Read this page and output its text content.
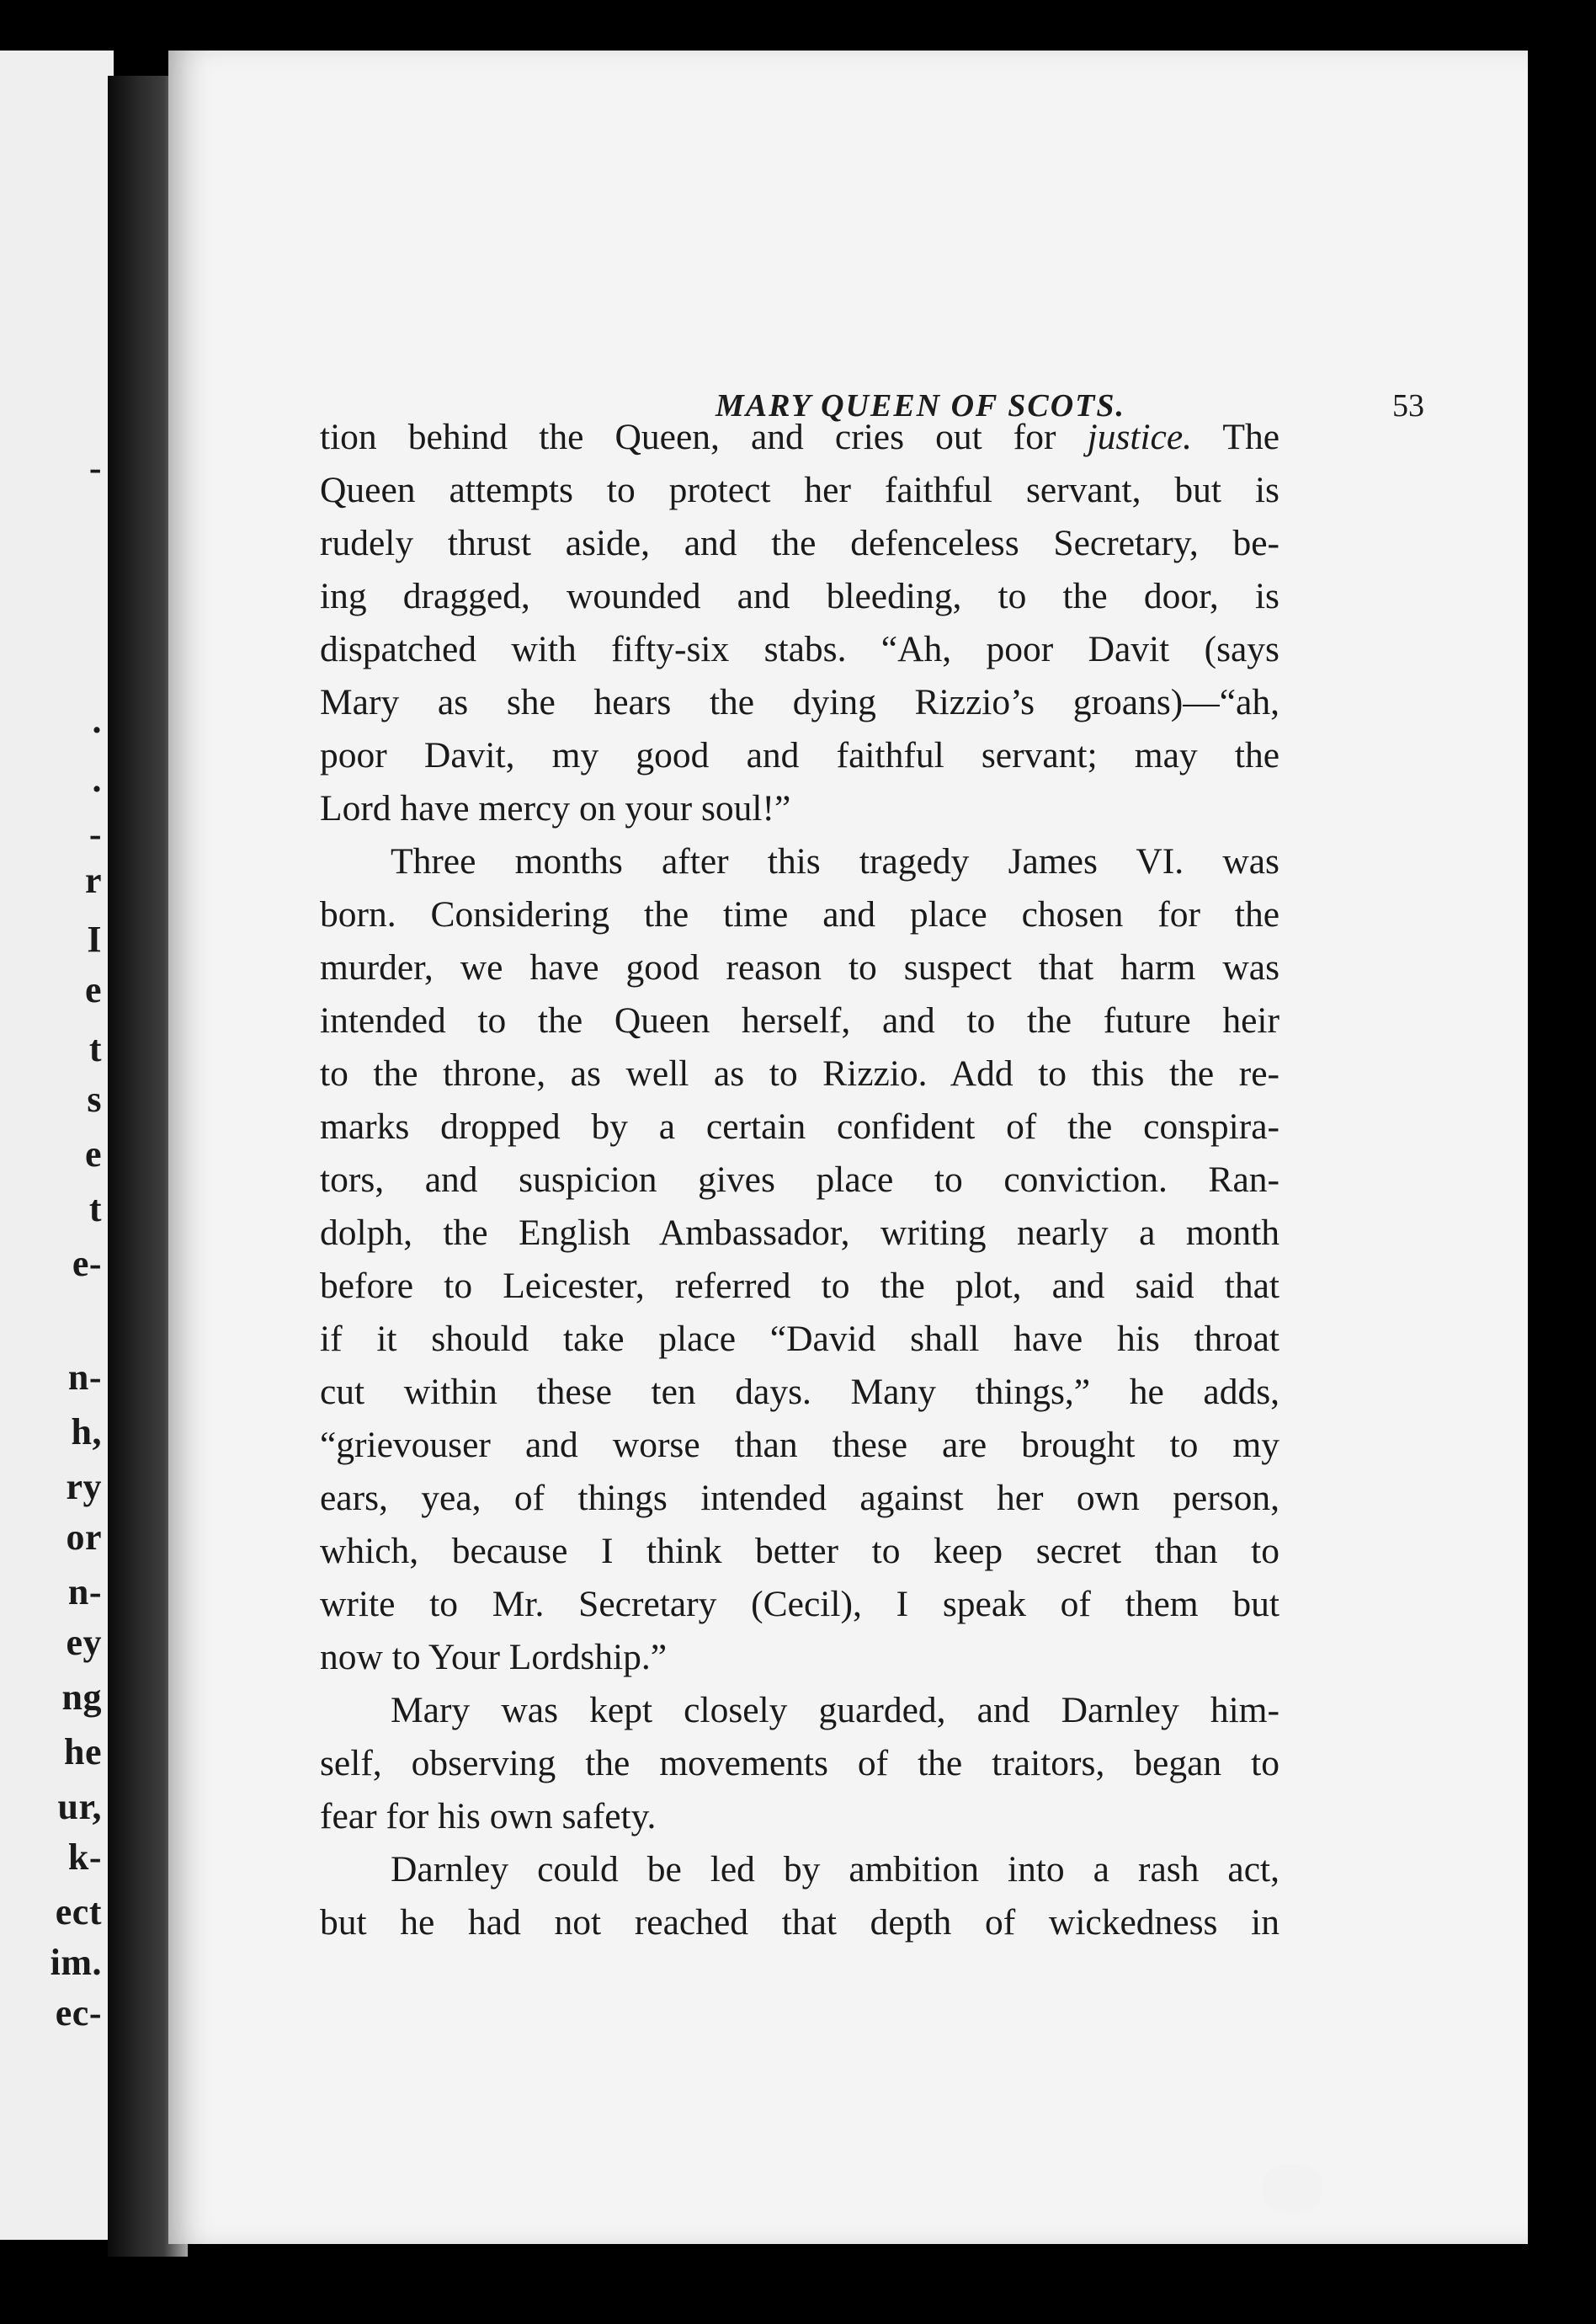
-
.
.
-
r
I
e
t
s
e
t
e-
n-
h,
ry
or
n-
ey
ng
he
ur,
k-
ect
im.
ec-
MARY QUEEN OF SCOTS.	53
tion behind the Queen, and cries out for justice. The
Queen attempts to protect her faithful servant, but is
rudely thrust aside, and the defenceless Secretary, be-
ing dragged, wounded and bleeding, to the door, is
dispatched with fifty-six stabs. “Ah, poor Davit (says
Mary as she hears the dying Rizzio’s groans)—“ah,
poor Davit, my good and faithful servant; may the
Lord have mercy on your soul!”
Three months after this tragedy James VI. was
born. Considering the time and place chosen for the
murder, we have good reason to suspect that harm was
intended to the Queen herself, and to the future heir
to the throne, as well as to Rizzio. Add to this the re-
marks dropped by a certain confident of the conspira-
tors, and suspicion gives place to conviction. Ran-
dolph, the English Ambassador, writing nearly a month
before to Leicester, referred to the plot, and said that
if it should take place “David shall have his throat
cut within these ten days. Many things,” he adds,
“grievouser and worse than these are brought to my
ears, yea, of things intended against her own person,
which, because I think better to keep secret than to
write to Mr. Secretary (Cecil), I speak of them but
now to Your Lordship.”
Mary was kept closely guarded, and Darnley him-
self, observing the movements of the traitors, began to
fear for his own safety.
Darnley could be led by ambition into a rash act,
but he had not reached that depth of wickedness in
